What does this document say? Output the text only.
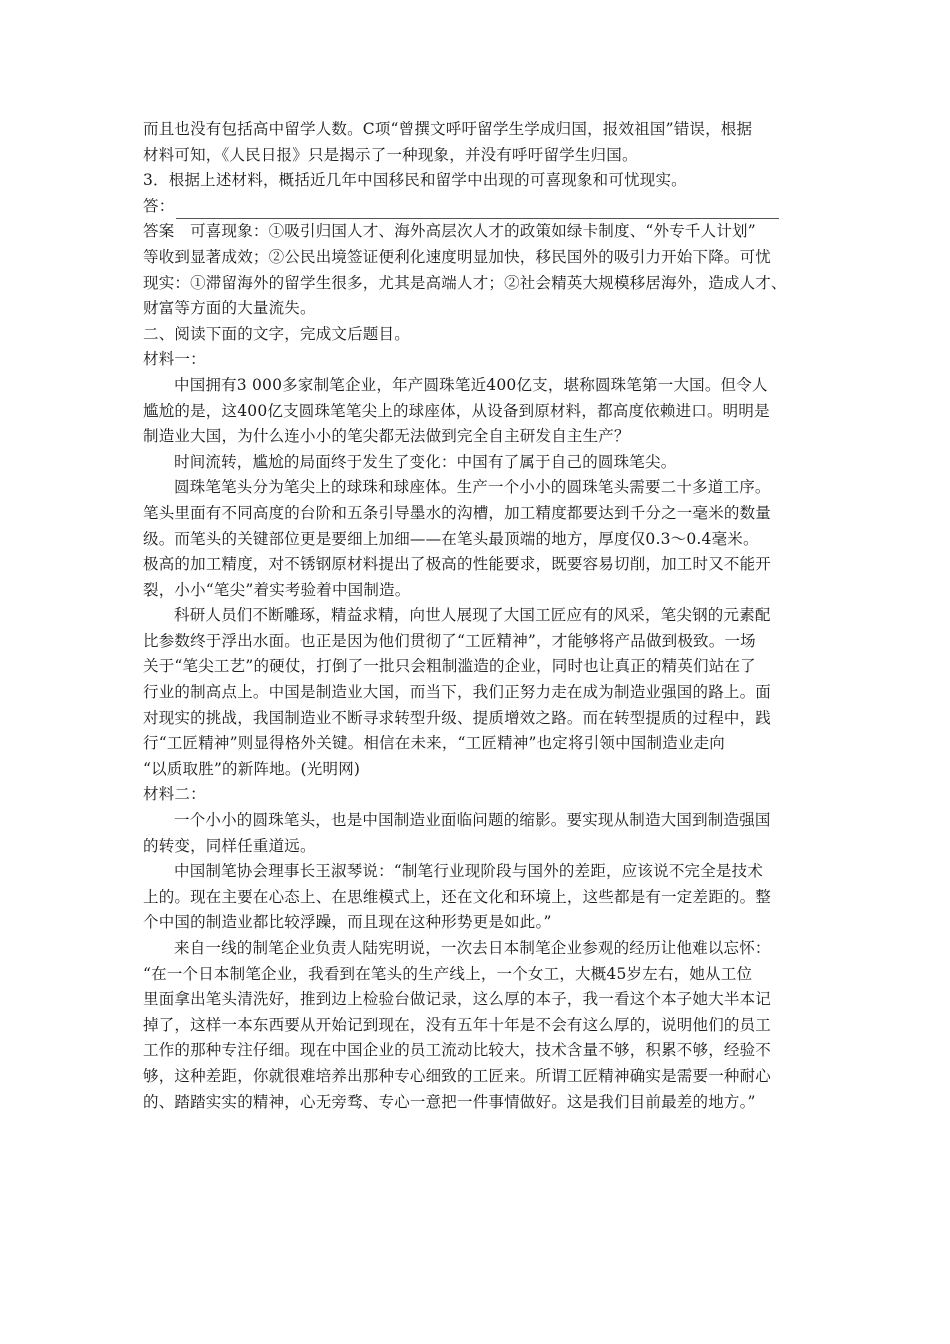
而且也没有包括高中留学人数。C项“曾撰文呼吁留学生学成归国，报效祖国”错误，根据
材料可知，《人民日报》只是揭示了一种现象，并没有呼吁留学生归国。
3．根据上述材料，概括近几年中国移民和留学中出现的可喜现象和可忧现实。
答：
答案　可喜现象：①吸引归国人才、海外高层次人才的政策如绿卡制度、“外专千人计划”
等收到显著成效；②公民出境签证便利化速度明显加快，移民国外的吸引力开始下降。可忧
现实：①滞留海外的留学生很多，尤其是高端人才；②社会精英大规模移居海外，造成人才、
财富等方面的大量流失。
二、阅读下面的文字，完成文后题目。
材料一：
中国拥有3 000多家制笔企业，年产圆珠笔近400亿支，堪称圆珠笔第一大国。但令人
尴尬的是，这400亿支圆珠笔笔尖上的球座体，从设备到原材料，都高度依赖进口。明明是
制造业大国，为什么连小小的笔尖都无法做到完全自主研发自主生产？
时间流转，尴尬的局面终于发生了变化：中国有了属于自己的圆珠笔尖。
圆珠笔笔头分为笔尖上的球珠和球座体。生产一个小小的圆珠笔头需要二十多道工序。
笔头里面有不同高度的台阶和五条引导墨水的沟槽，加工精度都要达到千分之一毫米的数量
级。而笔头的关键部位更是要细上加细——在笔头最顶端的地方，厚度仅0.3～0.4毫米。
极高的加工精度，对不锈钢原材料提出了极高的性能要求，既要容易切削，加工时又不能开
裂，小小“笔尖”着实考验着中国制造。
科研人员们不断雕琢，精益求精，向世人展现了大国工匠应有的风采，笔尖钢的元素配
比参数终于浮出水面。也正是因为他们贯彻了“工匠精神”，才能够将产品做到极致。一场
关于“笔尖工艺”的硬仗，打倒了一批只会粗制滥造的企业，同时也让真正的精英们站在了
行业的制高点上。中国是制造业大国，而当下，我们正努力走在成为制造业强国的路上。面
对现实的挑战，我国制造业不断寻求转型升级、提质增效之路。而在转型提质的过程中，践
行“工匠精神”则显得格外关键。相信在未来，“工匠精神”也定将引领中国制造业走向
“以质取胜”的新阵地。(光明网)
材料二：
一个小小的圆珠笔头，也是中国制造业面临问题的缩影。要实现从制造大国到制造强国
的转变，同样任重道远。
中国制笔协会理事长王淑琴说：“制笔行业现阶段与国外的差距，应该说不完全是技术
上的。现在主要在心态上、在思维模式上，还在文化和环境上，这些都是有一定差距的。整
个中国的制造业都比较浮躁，而且现在这种形势更是如此。”
来自一线的制笔企业负责人陆宪明说，一次去日本制笔企业参观的经历让他难以忘怀：
“在一个日本制笔企业，我看到在笔头的生产线上，一个女工，大概45岁左右，她从工位
里面拿出笔头清洗好，推到边上检验台做记录，这么厚的本子，我一看这个本子她大半本记
掉了，这样一本东西要从开始记到现在，没有五年十年是不会有这么厚的，说明他们的员工
工作的那种专注仔细。现在中国企业的员工流动比较大，技术含量不够，积累不够，经验不
够，这种差距，你就很难培养出那种专心细致的工匠来。所谓工匠精神确实是需要一种耐心
的、踏踏实实的精神，心无旁骛、专心一意把一件事情做好。这是我们目前最差的地方。”
